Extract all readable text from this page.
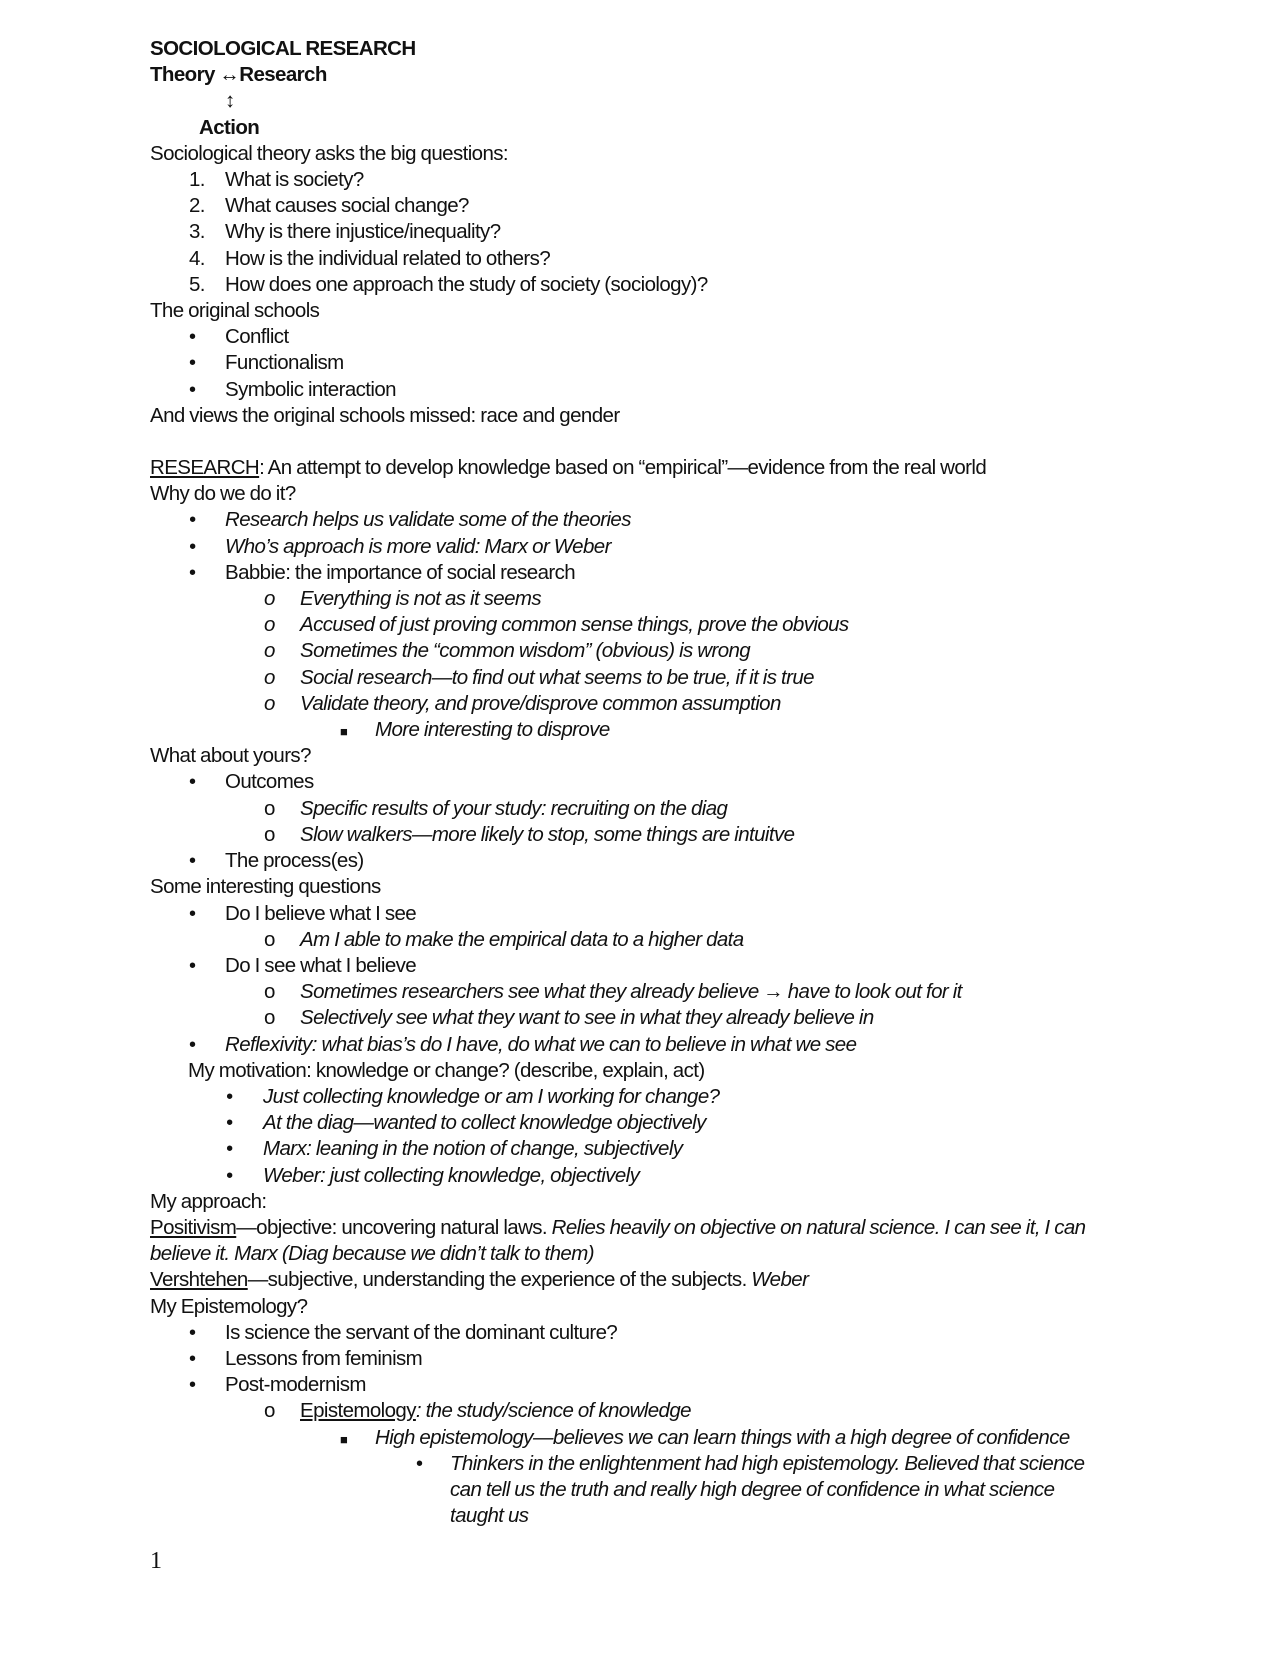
SOCIOLOGICAL RESEARCH
Theory ↔Research
↕
Action
Sociological theory asks the big questions:
1. What is society?
2. What causes social change?
3. Why is there injustice/inequality?
4. How is the individual related to others?
5. How does one approach the study of society (sociology)?
The original schools
• Conflict
• Functionalism
• Symbolic interaction
And views the original schools missed: race and gender
RESEARCH: An attempt to develop knowledge based on “empirical”—evidence from the real world
Why do we do it?
• Research helps us validate some of the theories
• Who’s approach is more valid: Marx or Weber
• Babbie: the importance of social research
o Everything is not as it seems
o Accused of just proving common sense things, prove the obvious
o Sometimes the “common wisdom” (obvious) is wrong
o Social research—to find out what seems to be true, if it is true
o Validate theory, and prove/disprove common assumption
■ More interesting to disprove
What about yours?
• Outcomes
o Specific results of your study: recruiting on the diag
o Slow walkers—more likely to stop, some things are intuitve
• The process(es)
Some interesting questions
• Do I believe what I see
o Am I able to make the empirical data to a higher data
• Do I see what I believe
o Sometimes researchers see what they already believe → have to look out for it
o Selectively see what they want to see in what they already believe in
• Reflexivity: what bias’s do I have, do what we can to believe in what we see
My motivation: knowledge or change? (describe, explain, act)
• Just collecting knowledge or am I working for change?
• At the diag—wanted to collect knowledge objectively
• Marx: leaning in the notion of change, subjectively
• Weber: just collecting knowledge, objectively
My approach:
Positivism—objective: uncovering natural laws. Relies heavily on objective on natural science. I can see it, I can believe it. Marx (Diag because we didn’t talk to them)
Vershtehen—subjective, understanding the experience of the subjects. Weber
My Epistemology?
• Is science the servant of the dominant culture?
• Lessons from feminism
• Post-modernism
o Epistemology: the study/science of knowledge
■ High epistemology—believes we can learn things with a high degree of confidence
• Thinkers in the enlightenment had high epistemology. Believed that science can tell us the truth and really high degree of confidence in what science taught us
1
